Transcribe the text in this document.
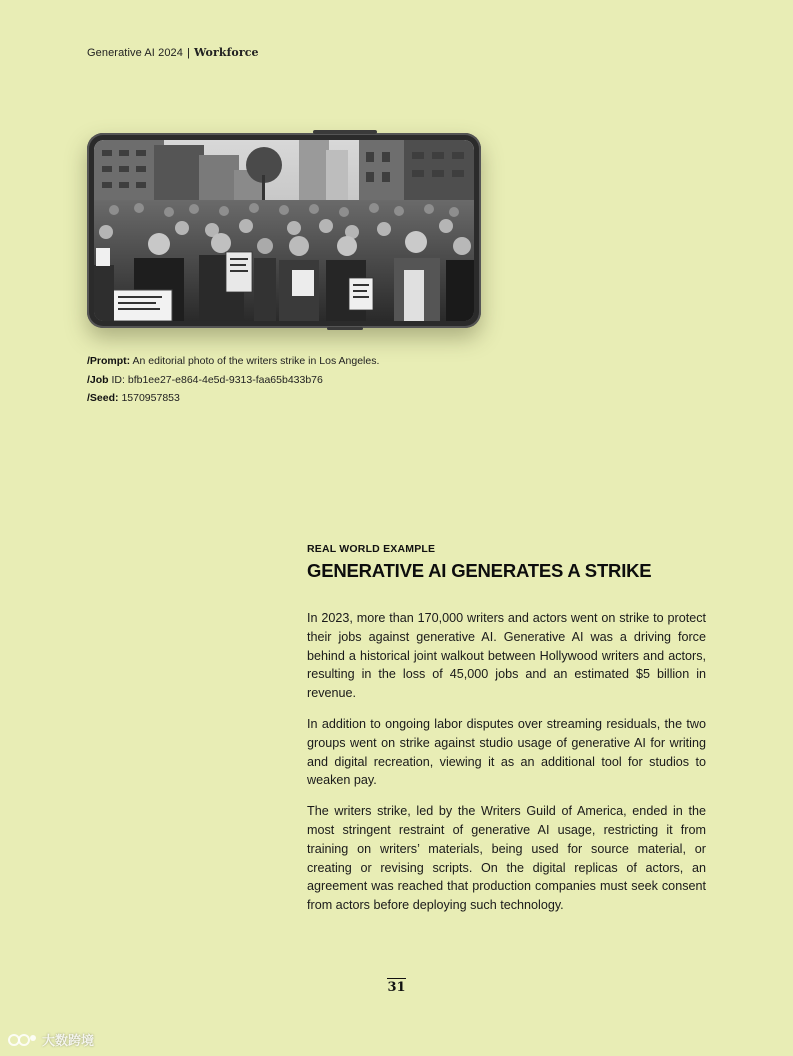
Generative AI 2024 | Workforce
/Prompt: An editorial photo of the writers strike in Los Angeles.
/Job ID: bfb1ee27-e864-4e5d-9313-faa65b433b76
/Seed: 1570957853
REAL WORLD EXAMPLE
GENERATIVE AI GENERATES A STRIKE

In 2023, more than 170,000 writers and actors went on strike to protect their jobs against generative AI. Generative AI was a driving force behind a historical joint walkout between Hollywood writers and actors, resulting in the loss of 45,000 jobs and an estimated $5 billion in revenue.

In addition to ongoing labor disputes over streaming residuals, the two groups went on strike against studio usage of generative AI for writing and digital recreation, viewing it as an additional tool for studios to weaken pay.

The writers strike, led by the Writers Guild of America, ended in the most stringent restraint of generative AI usage, restricting it from training on writers’ materials, being used for source material, or creating or revising scripts. On the digital replicas of actors, an agreement was reached that production companies must seek consent from actors before deploying such technology.

31
大数跨境
